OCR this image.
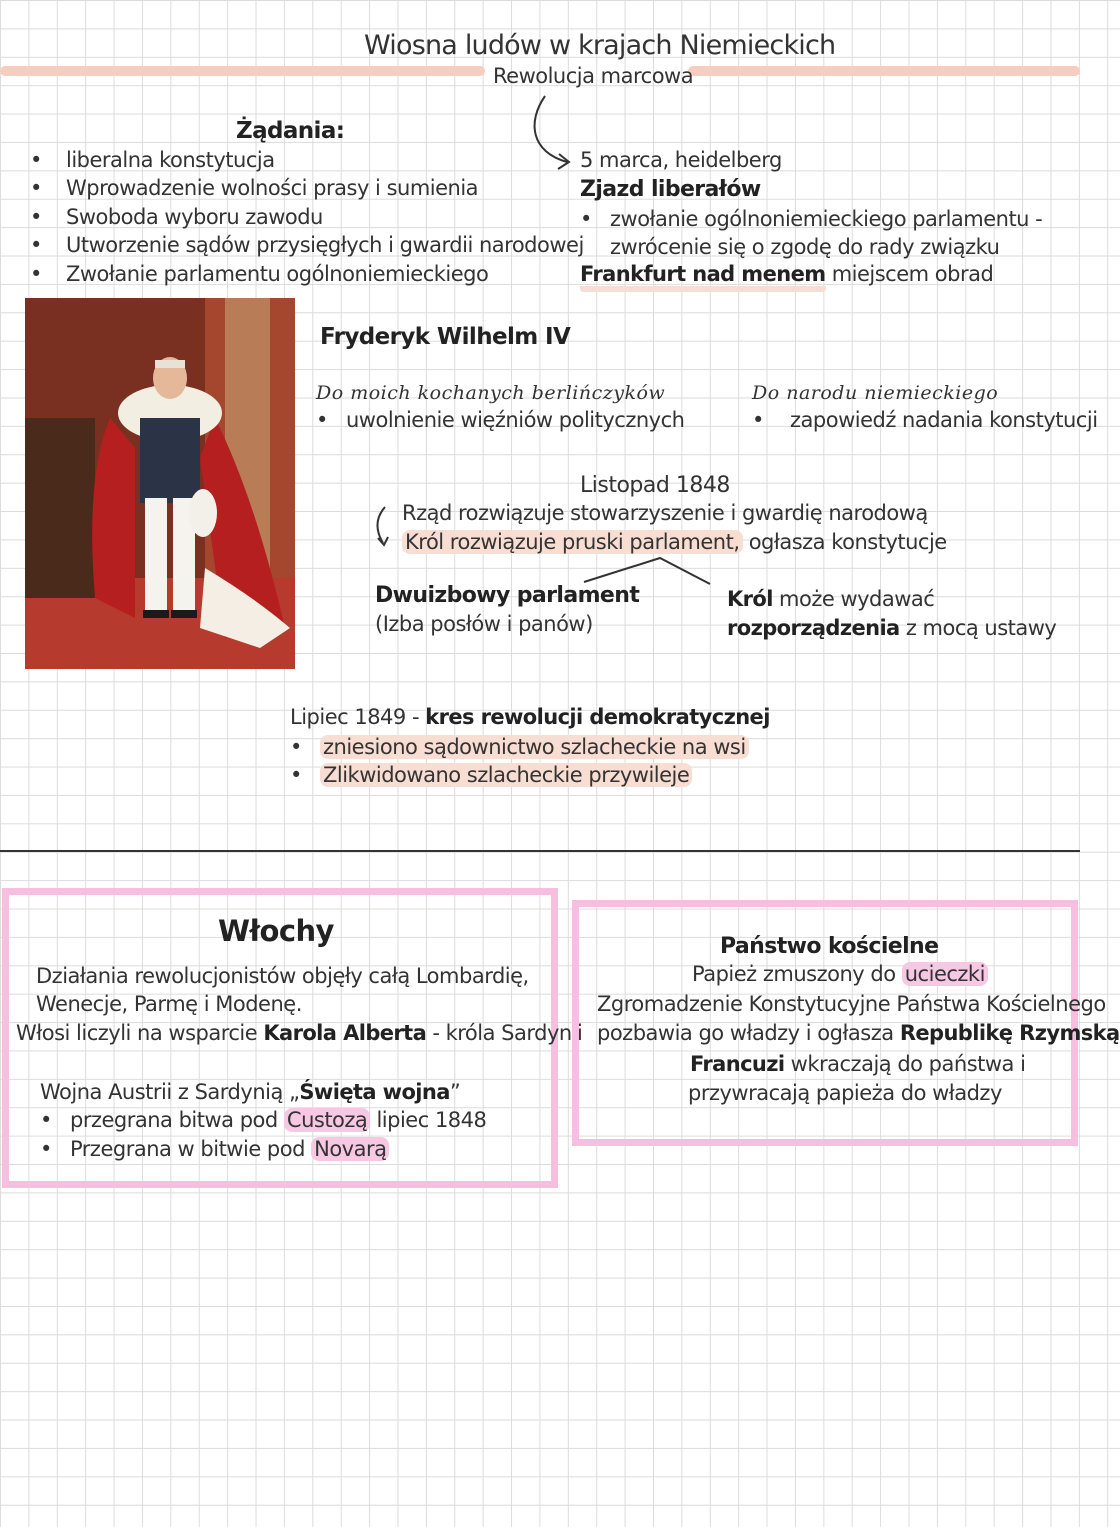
Wiosna ludów w krajach Niemieckich
Rewolucja marcowa
Żądania:
• liberalna konstytucja
• Wprowadzenie wolności prasy i sumienia
• Swoboda wyboru zawodu
• Utworzenie sądów przysięgłych i gwardii narodowej
• Zwołanie parlamentu ogólnoniemieckiego
5 marca, heidelberg
Zjazd liberałów
• zwołanie ogólnoniemieckiego parlamentu -
zwrócenie się o zgodę do rady związku
Frankfurt nad menem miejscem obrad
Fryderyk Wilhelm IV
Do moich kochanych berlińczyków
• uwolnienie więźniów politycznych
Do narodu niemieckiego
• zapowiedź nadania konstytucji
Listopad 1848
Rząd rozwiązuje stowarzyszenie i gwardię narodową
Król rozwiązuje pruski parlament, ogłasza konstytucje
Dwuizbowy parlament
(Izba posłów i panów)
Król może wydawać
rozporządzenia z mocą ustawy
Lipiec 1849 - kres rewolucji demokratycznej
• zniesiono sądownictwo szlacheckie na wsi
• Zlikwidowano szlacheckie przywileje
Włochy
Działania rewolucjonistów objęły całą Lombardię,
Wenecje, Parmę i Modenę.
Włosi liczyli na wsparcie Karola Alberta - króla Sardynii
Wojna Austrii z Sardynią „Święta wojna”
• przegrana bitwa pod Custozą lipiec 1848
• Przegrana w bitwie pod Novarą
Państwo kościelne
Papież zmuszony do ucieczki
Zgromadzenie Konstytucyjne Państwa Kościelnego
pozbawia go władzy i ogłasza Republikę Rzymską
Francuzi wkraczają do państwa i
przywracają papieża do władzy
